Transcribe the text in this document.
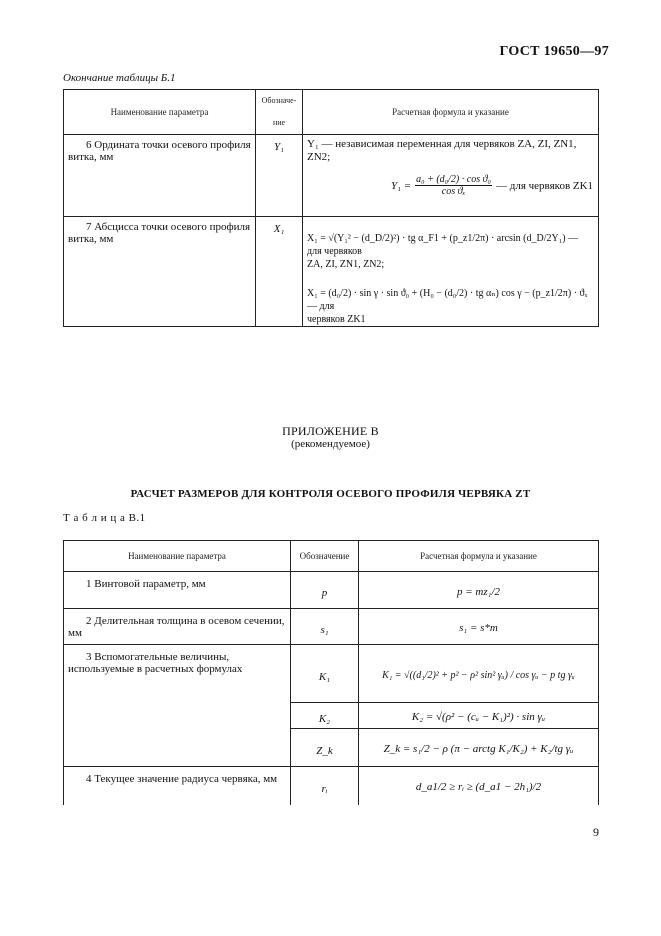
ГОСТ 19650—97
Окончание таблицы Б.1
Наименование параметра	Обозначе-ние	Расчетная формула и указание
6 Ордината точки осевого профиля витка, мм	Y₁	Y₁ — независимая переменная для червяков ZA, ZI, ZN1, ZN2;
$Y_1 = \frac{\text{a₀ + (d₀/2) · cos ϑ₀}}{\text{cos ϑₓ}}$ — для червяков ZK1

7 Абсцисса точки осевого профиля витка, мм	X₁	X₁ = √(Y₁² − (d_D/2)²) · tg α_F1 + (p_z1/2π) · arcsin (d_D/2Y₁) — для червяков
ZA, ZI, ZN1, ZN2;
X₁ = (d₀/2) · sin γ · sin ϑ₀ + (H₀ − (d₀/2) · tg αₙ) cos γ − (p_z1/2π) · ϑₓ — для
червяков ZK1
ПРИЛОЖЕНИЕ В
(рекомендуемое)
РАСЧЕТ РАЗМЕРОВ ДЛЯ КОНТРОЛЯ ОСЕВОГО ПРОФИЛЯ ЧЕРВЯКА ZT
Т а б л и ц а В.1
Наименование параметра	Обозначение	Расчетная формула и указание
1 Винтовой параметр, мм	p	p = mz₁/2
2 Делительная толщина в осевом сечении, мм	s₁	s₁ = s*m
3 Вспомогательные величины, используемые в расчетных формулах	K₁	K₁ = √((d₁/2)² + p² − ρ² sin² γᵤ) / cos γᵤ − p tg γᵤ
	K₂	K₂ = √(ρ² − (cᵤ − K₁)²) · sin γᵤ
	Z_k	Z_k = s₁/2 − ρ (π − arctg K₁/K₂) + K₂/tg γᵤ
4 Текущее значение радиуса червяка, мм	rᵢ	d_a1/2 ≥ rᵢ ≥ (d_a1 − 2h₁)/2
9
